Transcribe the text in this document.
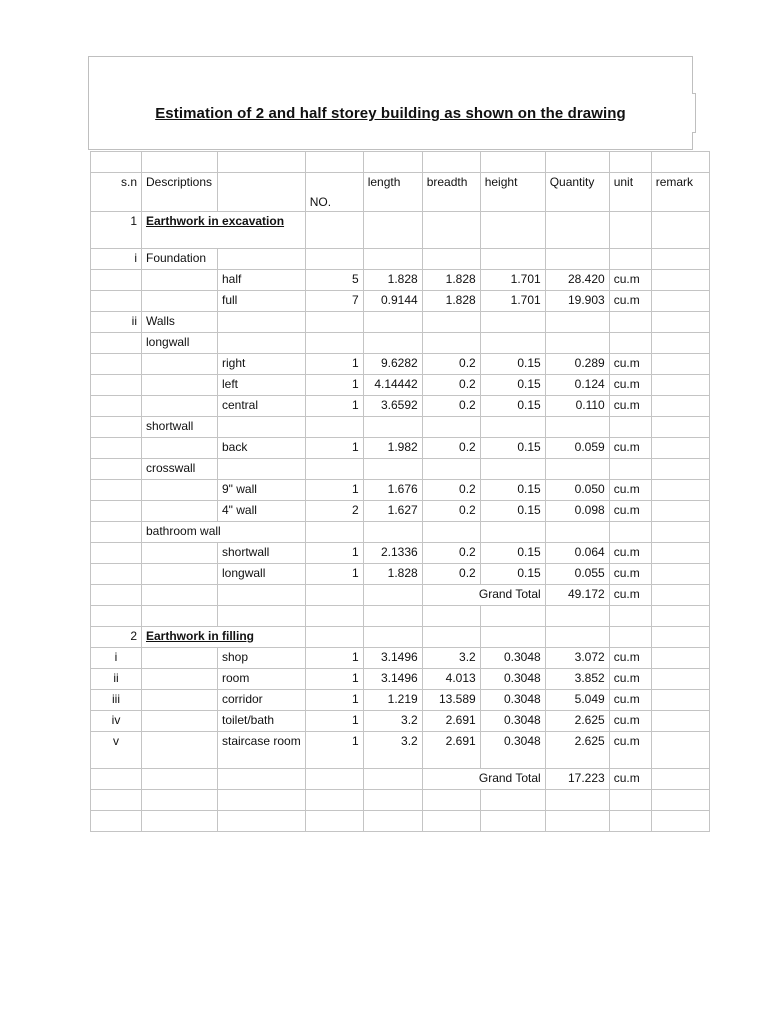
Estimation of 2 and half storey building as shown on the drawing

s.n	Descriptions		NO.	length	breadth	height	Quantity	unit	remark
1	Earthwork in excavation								
i	Foundation								
		half	5	1.828	1.828	1.701	28.420	cu.m	
		full	7	0.9144	1.828	1.701	19.903	cu.m	
ii	Walls								
	longwall								
		right	1	9.6282	0.2	0.15	0.289	cu.m	
		left	1	4.14442	0.2	0.15	0.124	cu.m	
		central	1	3.6592	0.2	0.15	0.110	cu.m	
	shortwall								
		back	1	1.982	0.2	0.15	0.059	cu.m	
	crosswall								
		9" wall	1	1.676	0.2	0.15	0.050	cu.m	
		4" wall	2	1.627	0.2	0.15	0.098	cu.m	
	bathroom wall								
		shortwall	1	2.1336	0.2	0.15	0.064	cu.m	
		longwall	1	1.828	0.2	0.15	0.055	cu.m	
					Grand Total		49.172	cu.m	

2	Earthwork in filling								
i		shop	1	3.1496	3.2	0.3048	3.072	cu.m	
ii		room	1	3.1496	4.013	0.3048	3.852	cu.m	
iii		corridor	1	1.219	13.589	0.3048	5.049	cu.m	
iv		toilet/bath	1	3.2	2.691	0.3048	2.625	cu.m	
v		staircase room	1	3.2	2.691	0.3048	2.625	cu.m	
					Grand Total		17.223	cu.m	
